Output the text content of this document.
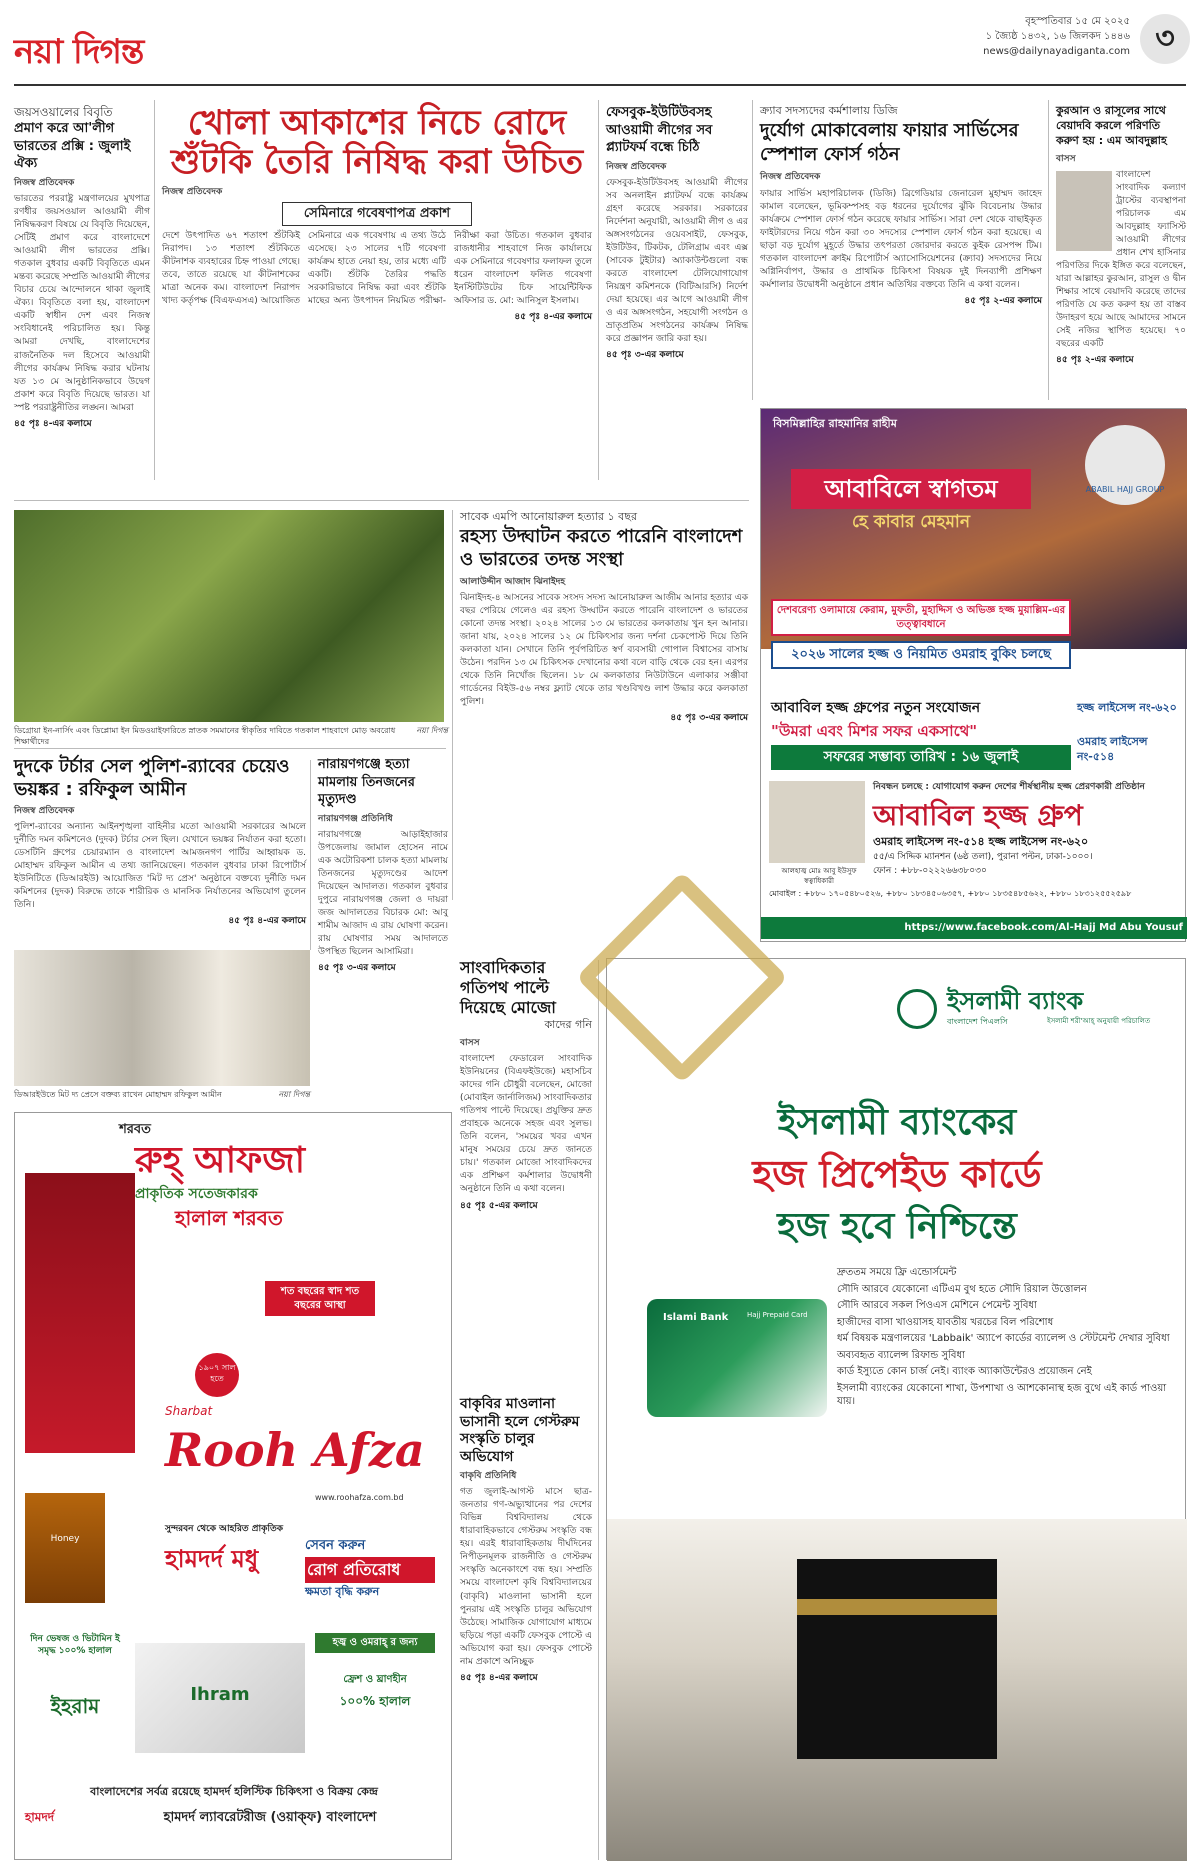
নয়া দিগন্ত
বৃহস্পতিবার ১৫ মে ২০২৫
১ জ্যৈষ্ঠ ১৪৩২, ১৬ জিলকদ ১৪৪৬
news@dailynayadiganta.com ৩
জয়সওয়ালের বিবৃতি
প্রমাণ করে আ'লীগ ভারতের প্রক্সি : জুলাই ঐক্য
নিজস্ব প্রতিবেদক
ভারতের পররাষ্ট্র মন্ত্রণালয়ের মুখপাত্র রণধীর জয়সওয়াল আওয়ামী লীগ নিষিদ্ধকরণ বিষয়ে যে বিবৃতি দিয়েছেন, সেটিই প্রমাণ করে বাংলাদেশে আওয়ামী লীগ ভারতের প্রক্সি। গতকাল বুধবার একটি বিবৃতিতে এমন মন্তব্য করেছে সম্প্রতি আওয়ামী লীগের বিচার চেয়ে আন্দোলনে থাকা জুলাই ঐক্য। বিবৃতিতে বলা হয়, বাংলাদেশ একটি স্বাধীন দেশ এবং নিজস্ব সংবিধানেই পরিচালিত হয়। কিন্তু আমরা দেখছি, বাংলাদেশের রাজনৈতিক দল হিসেবে আওয়ামী লীগের কার্যক্রম নিষিদ্ধ করার ঘটনায় যত ১৩ মে আনুষ্ঠানিকভাবে উদ্বেগ প্রকাশ করে বিবৃতি দিয়েছে ভারত। যা স্পষ্ট পররাষ্ট্রনীতির লঙ্ঘন। আমরা
৪৫ পৃঃ ৪-এর কলামে
খোলা আকাশের নিচে রোদে
শুঁটকি তৈরি নিষিদ্ধ করা উচিত
নিজস্ব প্রতিবেদক
সেমিনারে গবেষণাপত্র প্রকাশ
দেশে উৎপাদিত ৬৭ শতাংশ শুঁটকিই নিরাপদ। ১৩ শতাংশ শুঁটকিতে কীটনাশক ব্যবহারের চিহ্ন পাওয়া গেছে। তবে, তাতে রয়েছে যা কীটনাশকের মাত্রা অনেক কম। বাংলাদেশ নিরাপদ খাদ্য কর্তৃপক্ষ (বিএফএসএ) আয়োজিত সেমিনারে এক গবেষণায় এ তথ্য উঠে এসেছে। ২৩ সালের ৭টি গবেষণা কার্যক্রম হাতে নেয়া হয়, তার মধ্যে এটি একটি। শুঁটকি তৈরির পদ্ধতি সরকারিভাবে নিষিদ্ধ করা এবং শুঁটকি মাছের অন্য উৎপাদন নিয়মিত পরীক্ষা-নিরীক্ষা করা উচিত। গতকাল বুধবার রাজধানীর শাহবাগে নিজ কার্যালয়ে এক সেমিনারে গবেষণার ফলাফল তুলে ধরেন বাংলাদেশ ফলিত গবেষণা ইনস্টিটিউটের চিফ সায়েন্টিফিক অফিসার ড. মো: আনিসুল ইসলাম।
৪৫ পৃঃ ৪-এর কলামে
ফেসবুক-ইউটিউবসহ আওয়ামী লীগের সব প্ল্যাটফর্ম বন্ধে চিঠি
নিজস্ব প্রতিবেদক
ফেসবুক-ইউটিউবসহ আওয়ামী লীগের সব অনলাইন প্ল্যাটফর্ম বন্ধে কার্যক্রম গ্রহণ করেছে সরকার। সরকারের নির্দেশনা অনুযায়ী, আওয়ামী লীগ ও এর অঙ্গসংগঠনের ওয়েবসাইট, ফেসবুক, ইউটিউব, টিকটক, টেলিগ্রাম এবং এক্স (সাবেক টুইটার) অ্যাকাউন্টগুলো বন্ধ করতে বাংলাদেশ টেলিযোগাযোগ নিয়ন্ত্রণ কমিশনকে (বিটিআরসি) নির্দেশ দেয়া হয়েছে। এর আগে আওয়ামী লীগ ও এর অঙ্গসংগঠন, সহযোগী সংগঠন ও ভ্রাতৃপ্রতিম সংগঠনের কার্যক্রম নিষিদ্ধ করে প্রজ্ঞাপন জারি করা হয়।
৪৫ পৃঃ ৩-এর কলামে
ক্র্যাব সদস্যদের কর্মশালায় ডিজি
দুর্যোগ মোকাবেলায় ফায়ার সার্ভিসের স্পেশাল ফোর্স গঠন
নিজস্ব প্রতিবেদক
ফায়ার সার্ভিস মহাপরিচালক (ডিজি) ব্রিগেডিয়ার জেনারেল মুহাম্মদ জাহেদ কামাল বলেছেন, ভূমিকম্পসহ বড় ধরনের দুর্যোগের ঝুঁকি বিবেচনায় উদ্ধার কার্যক্রমে স্পেশাল ফোর্স গঠন করেছে ফায়ার সার্ভিস। সারা দেশ থেকে বাছাইকৃত ফাইটারদের নিয়ে গঠন করা ৩০ সদস্যের স্পেশাল ফোর্স গঠন করা হয়েছে। এ ছাড়া বড় দুর্যোগ মুহূর্তে উদ্ধার তৎপরতা জোরদার করতে কুইক রেসপন্স টিম। গতকাল বাংলাদেশ ক্রাইম রিপোর্টার্স অ্যাসোসিয়েশনের (ক্র্যাব) সদস্যদের নিয়ে অগ্নিনির্বাপণ, উদ্ধার ও প্রাথমিক চিকিৎসা বিষয়ক দুই দিনব্যাপী প্রশিক্ষণ কর্মশালার উদ্বোধনী অনুষ্ঠানে প্রধান অতিথির বক্তব্যে তিনি এ কথা বলেন।
৪৫ পৃঃ ২-এর কলামে
কুরআন ও রাসূলের সাথে বেয়াদবি করলে পরিণতি করুণ হয় : এম আবদুল্লাহ
বাসস
বাংলাদেশ সাংবাদিক কল্যাণ ট্রাস্টের ব্যবস্থাপনা পরিচালক এম আবদুল্লাহ ফ্যাসিস্ট আওয়ামী লীগের প্রধান শেখ হাসিনার পরিণতির দিকে ইঙ্গিত করে বলেছেন, যারা আল্লাহর কুরআন, রাসুল ও দ্বীন শিক্ষার সাথে বেয়াদবি করেছে তাদের পরিণতি যে কত করুণ হয় তা বাস্তব উদাহরণ হয়ে আছে আমাদের সামনে সেই নজির স্থাপিত হয়েছে। ৭০ বছরের একটি
৪৫ পৃঃ ২-এর কলামে
বিসমিল্লাহির রাহমানির রাহীম
ABABIL HAJJ GROUP
আবাবিলে স্বাগতম
হে কাবার মেহমান
দেশবরেণ্য ওলামায়ে কেরাম, মুফতী, মুহাদ্দিস ও অভিজ্ঞ হজ্জ মুয়াল্লিম-এর তত্ত্বাবধানে
২০২৬ সালের হজ্জ ও নিয়মিত ওমরাহ বুকিং চলছে
আবাবিল হজ্জ গ্রুপের নতুন সংযোজন
"উমরা এবং মিশর সফর একসাথে"
সফরের সম্ভাব্য তারিখ : ১৬ জুলাই
হজ্জ লাইসেন্স নং-৬২০
ওমরাহ লাইসেন্স নং-৫১৪
নিবন্ধন চলছে : যোগাযোগ করুন দেশের শীর্ষস্থানীয় হজ্জ প্রেরণকারী প্রতিষ্ঠান
আবাবিল হজ্জ গ্রুপ
ওমরাহ লাইসেন্স নং-৫১৪ হজ্জ লাইসেন্স নং-৬২০
৫৫/এ সিদ্দিক ম্যানশন (৬ষ্ঠ তলা), পুরানা পল্টন, ঢাকা-১০০০।
ফোন : +৮৮-০২২২৬৬৩৮০৩০
আলহাজ্ব মোঃ আবু ইউসুফ
স্বত্বাধিকারী
মোবাইল : +৮৮০ ১৭০৫৪৮০৫২৬, +৮৮০ ১৮৩৪৫০৬৩৫৭, +৮৮০ ১৮৩৫৪৮৫৬২২, +৮৮০ ১৮৩১২৫৫২৫৯৮
https://www.facebook.com/Al-Hajj Md Abu Yousuf
ডিগ্রোয়া ইন-নার্সিং এবং ডিপ্লোমা ইন মিডওয়াইফারিতে স্নাতক সমমানের স্বীকৃতির দাবিতে গতকাল শাহবাগে মোড় অবরোধ শিক্ষার্থীদের
নয়া দিগন্ত
সাবেক এমপি আনোয়ারুল হত্যার ১ বছর
রহস্য উদ্ঘাটন করতে পারেনি বাংলাদেশ ও ভারতের তদন্ত সংস্থা
আলাউদ্দীন আজাদ ঝিনাইদহ
ঝিনাইদহ-৪ আসনের সাবেক সংসদ সদস্য আনোয়ারুল আজীম আনার হত্যার এক বছর পেরিয়ে গেলেও এর রহস্য উদ্ঘাটন করতে পারেনি বাংলাদেশ ও ভারতের কোনো তদন্ত সংস্থা। ২০২৪ সালের ১৩ মে ভারতের কলকাতায় খুন হন আনার। জানা যায়, ২০২৪ সালের ১২ মে চিকিৎসার জন্য দর্শনা চেকপোস্ট দিয়ে তিনি কলকাতা যান। সেখানে তিনি পূর্বপরিচিত স্বর্ণ ব্যবসায়ী গোপাল বিশ্বাসের বাসায় উঠেন। পরদিন ১৩ মে চিকিৎসক দেখানোর কথা বলে বাড়ি থেকে বের হন। এরপর থেকে তিনি নিখোঁজ ছিলেন। ১৮ মে কলকাতার নিউটাউনে এলাকার সঞ্জীবা গার্ডেনের বিইউ-৫৬ নম্বর ফ্ল্যাট থেকে তার খণ্ডবিখণ্ড লাশ উদ্ধার করে কলকাতা পুলিশ।
৪৫ পৃঃ ৩-এর কলামে
দুদকে টর্চার সেল পুলিশ-র‍্যাবের চেয়েও ভয়ঙ্কর : রফিকুল আমীন
নিজস্ব প্রতিবেদক
পুলিশ-র‍্যাবের অন্যান্য আইনশৃঙ্খলা বাহিনীর মতো আওয়ামী সরকারের আমলে দুর্নীতি দমন কমিশনেও (দুদক) টর্চার সেল ছিল। যেখানে ভয়ঙ্কর নির্যাতন করা হতো। ডেসটিনি গ্রুপের চেয়ারম্যান ও বাংলাদেশ আমজনগণ পার্টির আহ্বায়ক ড. মোহাম্মদ রফিকুল আমীন এ তথ্য জানিয়েছেন। গতকাল বুধবার ঢাকা রিপোর্টার্স ইউনিটিতে (ডিআরইউ) আয়োজিত 'মিট দ্য প্রেস' অনুষ্ঠানে বক্তব্যে দুর্নীতি দমন কমিশনের (দুদক) বিরুদ্ধে তাকে শারীরিক ও মানসিক নির্যাতনের অভিযোগ তুলেন তিনি।
৪৫ পৃঃ ৪-এর কলামে
নারায়ণগঞ্জে হত্যা মামলায় তিনজনের মৃত্যুদণ্ড
নারায়ণগঞ্জ প্রতিনিধি
নারায়ণগঞ্জে আড়াইহাজার উপজেলায় জামাল হোসেন নামে এক অটোরিকশা চালক হত্যা মামলায় তিনজনের মৃত্যুদণ্ডের আদেশ দিয়েছেন আদালত। গতকাল বুধবার দুপুরে নারায়ণগঞ্জ জেলা ও দায়রা জজ আদালতের বিচারক মো: আবু শামীম আজাদ এ রায় ঘোষণা করেন। রায় ঘোষণার সময় আদালতে উপস্থিত ছিলেন আসামিরা।
৪৫ পৃঃ ৩-এর কলামে
ডিআরইউতে মিট দ্য প্রেসে বক্তব্য রাখেন মোহাম্মদ রফিকুল আমীন	নয়া দিগন্ত
সাংবাদিকতার গতিপথ পাল্টে দিয়েছে মোজো
কাদের গনি
বাসস
বাংলাদেশ ফেডারেল সাংবাদিক ইউনিয়নের (বিএফইউজে) মহাসচিব কাদের গনি চৌধুরী বলেছেন, মোজো (মোবাইল জার্নালিজম) সাংবাদিকতার গতিপথ পাল্টে দিয়েছে। প্রযুক্তির দ্রুত প্রবাহকে অনেকে সহজ এবং সুলভ। তিনি বলেন, 'সময়ের খবর এখন মানুষ সময়ের চেয়ে দ্রুত জানতে চায়।' গতকাল মোজো সাংবাদিকদের এক প্রশিক্ষণ কর্মশালার উদ্বোধনী অনুষ্ঠানে তিনি এ কথা বলেন।
৪৫ পৃঃ ৫-এর কলামে
বাকৃবির মাওলানা ভাসানী হলে গেস্টরুম সংস্কৃতি চালুর অভিযোগ
বাকৃবি প্রতিনিধি
গত জুলাই-আগস্ট মাসে ছাত্র-জনতার গণ-অভ্যুত্থানের পর দেশের বিভিন্ন বিশ্ববিদ্যালয় থেকে ধারাবাহিকভাবে গেস্টরুম সংস্কৃতি বন্ধ হয়। এরই ধারাবাহিকতায় দীর্ঘদিনের নিপীড়নমূলক রাজনীতি ও গেস্টরুম সংস্কৃতি অনেকাংশে বন্ধ হয়। সম্প্রতি সময়ে বাংলাদেশ কৃষি বিশ্ববিদ্যালয়ের (বাকৃবি) মাওলানা ভাসানী হলে পুনরায় এই সংস্কৃতি চালুর অভিযোগ উঠেছে। সামাজিক যোগাযোগ মাধ্যমে ছড়িয়ে পড়া একটি ফেসবুক পোস্টে এ অভিযোগ করা হয়। ফেসবুক পোস্টে নাম প্রকাশে অনিচ্ছুক
৪৫ পৃঃ ৪-এর কলামে
শরবত
রুহ্ আফজা
প্রাকৃতিক সতেজকারক
হালাল শরবত
শত বছরের স্বাদ শত বছরের আস্থা
১৯০৭ সাল হতে
Sharbat
Rooh Afza
www.roohafza.com.bd
Honey
সুন্দরবন থেকে আহরিত প্রাকৃতিক
হামদর্দ মধু	সেবন করুন
রোগ প্রতিরোধ
ক্ষমতা বৃদ্ধি করুন
দিন ভেষজ ও ভিটামিন ই সমৃদ্ধ ১০০% হালাল
ইহরাম	Ihram
হজ্ব ও ওমরাহ্ র জন্য
ফ্রেশ ও ঘ্রাণহীন
১০০% হালাল
বাংলাদেশের সর্বত্র রয়েছে হামদর্দ হলিস্টিক চিকিৎসা ও বিক্রয় কেন্দ্র
হামদর্দ ল্যাবরেটরীজ (ওয়াক্ফ) বাংলাদেশ
হামদর্দ
ইসলামী ব্যাংক
বাংলাদেশ পিএলসি	ইসলামী শরী'আহ্ অনুযায়ী পরিচালিত
ইসলামী ব্যাংকের
হজ প্রিপেইড কার্ডে
হজ হবে নিশ্চিন্তে
Islami Bank	Hajj Prepaid Card
দ্রুততম সময়ে ফ্রি এন্ডোর্সমেন্ট
সৌদি আরবে যেকোনো এটিএম বুথ হতে সৌদি রিয়াল উত্তোলন
সৌদি আরবে সকল পিওএস মেশিনে পেমেন্ট সুবিধা
হাজীদের বাসা খাওয়াসহ যাবতীয় খরচের বিল পরিশোধ
ধর্ম বিষয়ক মন্ত্রণালয়ের 'Labbaik' অ্যাপে কার্ডের ব্যালেন্স ও স্টেটমেন্ট দেখার সুবিধা
অব্যবহৃত ব্যালেন্স রিফান্ড সুবিধা
কার্ড ইস্যুতে কোন চার্জ নেই। ব্যাংক অ্যাকাউন্টেরও প্রয়োজন নেই
ইসলামী ব্যাংকের যেকোনো শাখা, উপশাখা ও আশকোনাস্থ হজ বুথে এই কার্ড পাওয়া যায়।
